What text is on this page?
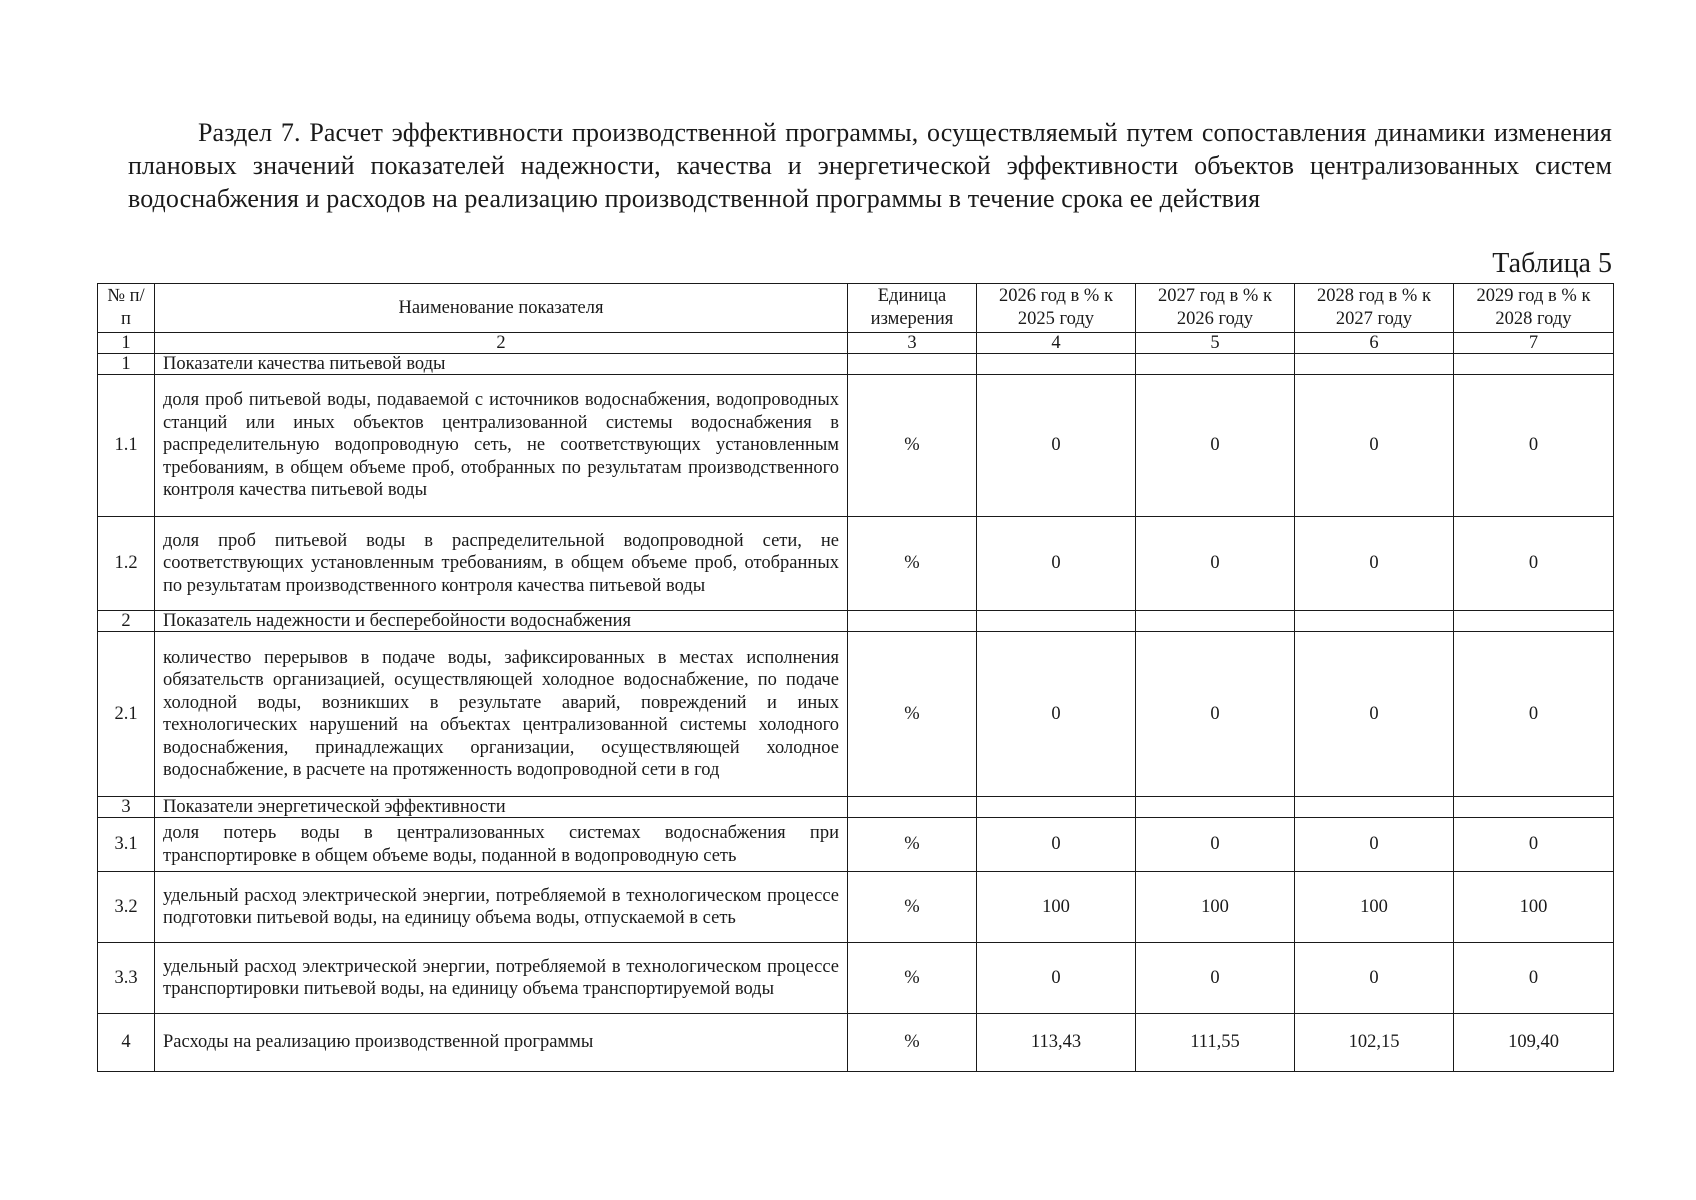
Раздел 7. Расчет эффективности производственной программы, осуществляемый путем сопоставления динамики изменения плановых значений показателей надежности, качества и энергетической эффективности объектов централизованных систем водоснабжения и расходов на реализацию производственной программы в течение срока ее действия
Таблица 5
№ п/п	Наименование показателя	Единица измерения	2026 год в % к 2025 году	2027 год в % к 2026 году	2028 год в % к 2027 году	2029 год в % к 2028 году
1	2	3	4	5	6	7
1	Показатели качества питьевой воды					
1.1	доля проб питьевой воды, подаваемой с источников водоснабжения, водопроводных станций или иных объектов централизованной системы водоснабжения в распределительную водопроводную сеть, не соответствующих установленным требованиям, в общем объеме проб, отобранных по результатам производственного контроля качества питьевой воды	%	0	0	0	0
1.2	доля проб питьевой воды в распределительной водопроводной сети, не соответствующих установленным требованиям, в общем объеме проб, отобранных по результатам производственного контроля качества питьевой воды	%	0	0	0	0
2	Показатель надежности и бесперебойности водоснабжения					
2.1	количество перерывов в подаче воды, зафиксированных в местах исполнения обязательств организацией, осуществляющей холодное водоснабжение, по подаче холодной воды, возникших в результате аварий, повреждений и иных технологических нарушений на объектах централизованной системы холодного водоснабжения, принадлежащих организации, осуществляющей холодное водоснабжение, в расчете на протяженность водопроводной сети в год	%	0	0	0	0
3	Показатели энергетической эффективности					
3.1	доля потерь воды в централизованных системах водоснабжения при транспортировке в общем объеме воды, поданной в водопроводную сеть	%	0	0	0	0
3.2	удельный расход электрической энергии, потребляемой в технологическом процессе подготовки питьевой воды, на единицу объема воды, отпускаемой в сеть	%	100	100	100	100
3.3	удельный расход электрической энергии, потребляемой в технологическом процессе транспортировки питьевой воды, на единицу объема транспортируемой воды	%	0	0	0	0
4	Расходы на реализацию производственной программы	%	113,43	111,55	102,15	109,40
